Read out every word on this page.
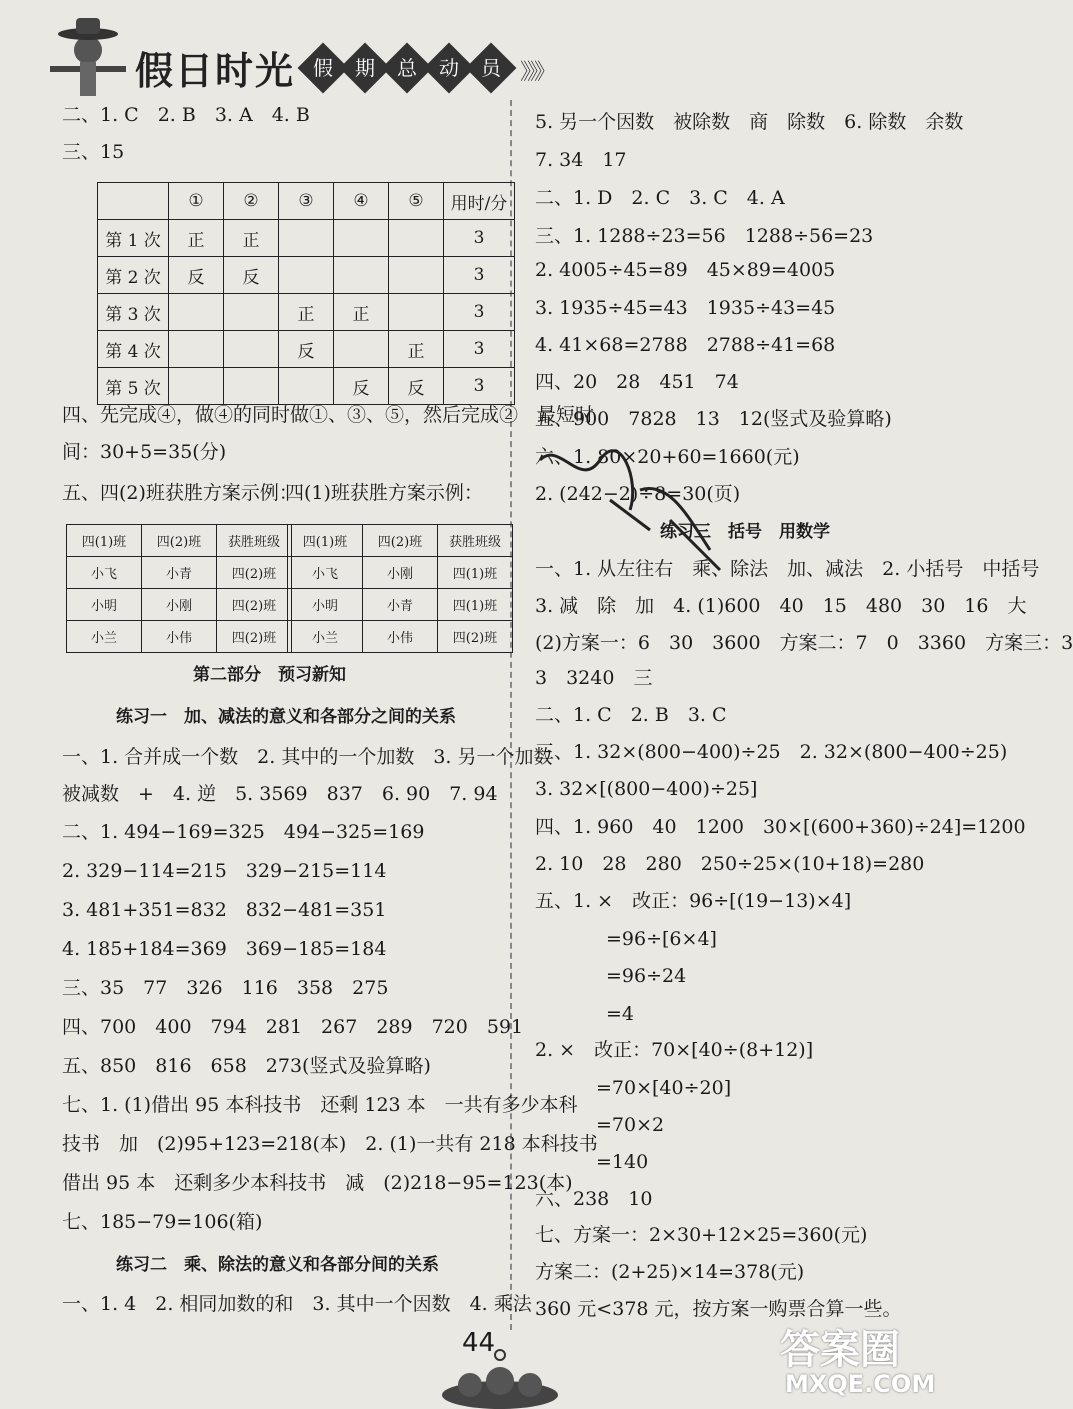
假日时光 假	期	总	动	员 》》》
二、1. C　2. B　3. A　4. B
三、15
	①	②	③	④	⑤	用时/分
第 1 次	正	正				3
第 2 次	反	反				3
第 3 次			正	正		3
第 4 次			反		正	3
第 5 次				反	反	3
四、先完成④，做④的同时做①、③、⑤，然后完成②　最短时
间：30+5=35(分)
五、四(2)班获胜方案示例：
四(1)班获胜方案示例：
四(1)班	四(2)班	获胜班级
小飞	小青	四(2)班
小明	小刚	四(2)班
小兰	小伟	四(2)班
四(1)班	四(2)班	获胜班级
小飞	小刚	四(1)班
小明	小青	四(1)班
小兰	小伟	四(2)班
第二部分　预习新知
练习一　加、减法的意义和各部分之间的关系
一、1. 合并成一个数　2. 其中的一个加数　3. 另一个加数
被减数　+　4. 逆　5. 3569　837　6. 90　7. 94
二、1. 494−169=325　494−325=169
2. 329−114=215　329−215=114
3. 481+351=832　832−481=351
4. 185+184=369　369−185=184
三、35　77　326　116　358　275
四、700　400　794　281　267　289　720　591
五、850　816　658　273(竖式及验算略)
七、1. (1)借出 95 本科技书　还剩 123 本　一共有多少本科
技书　加　(2)95+123=218(本)　2. (1)一共有 218 本科技书
借出 95 本　还剩多少本科技书　减　(2)218−95=123(本)
七、185−79=106(箱)
练习二　乘、除法的意义和各部分间的关系
一、1. 4　2. 相同加数的和　3. 其中一个因数　4. 乘法
5. 另一个因数　被除数　商　除数　6. 除数　余数
7. 34　17
二、1. D　2. C　3. C　4. A
三、1. 1288÷23=56　1288÷56=23
2. 4005÷45=89　45×89=4005
3. 1935÷45=43　1935÷43=45
4. 41×68=2788　2788÷41=68
四、20　28　451　74
五、900　7828　13　12(竖式及验算略)
六、1. 80×20+60=1660(元)
2. (242−2)÷8=30(页)
练习三　括号　用数学
一、1. 从左往右　乘、除法　加、减法　2. 小括号　中括号
3. 减　除　加　4. (1)600　40　15　480　30　16　大
(2)方案一：6　30　3600　方案二：7　0　3360　方案三：3
3　3240　三
二、1. C　2. B　3. C
三、1. 32×(800−400)÷25　2. 32×(800−400÷25)
3. 32×[(800−400)÷25]
四、1. 960　40　1200　30×[(600+360)÷24]=1200
2. 10　28　280　250÷25×(10+18)=280
五、1. ×　改正：96÷[(19−13)×4]
=96÷[6×4]
=96÷24
=4
2. ×　改正：70×[40÷(8+12)]
=70×[40÷20]
=70×2
=140
六、238　10
七、方案一：2×30+12×25=360(元)
方案二：(2+25)×14=378(元)
360 元<378 元，按方案一购票合算一些。
44	答案圈
MXQE.COM
